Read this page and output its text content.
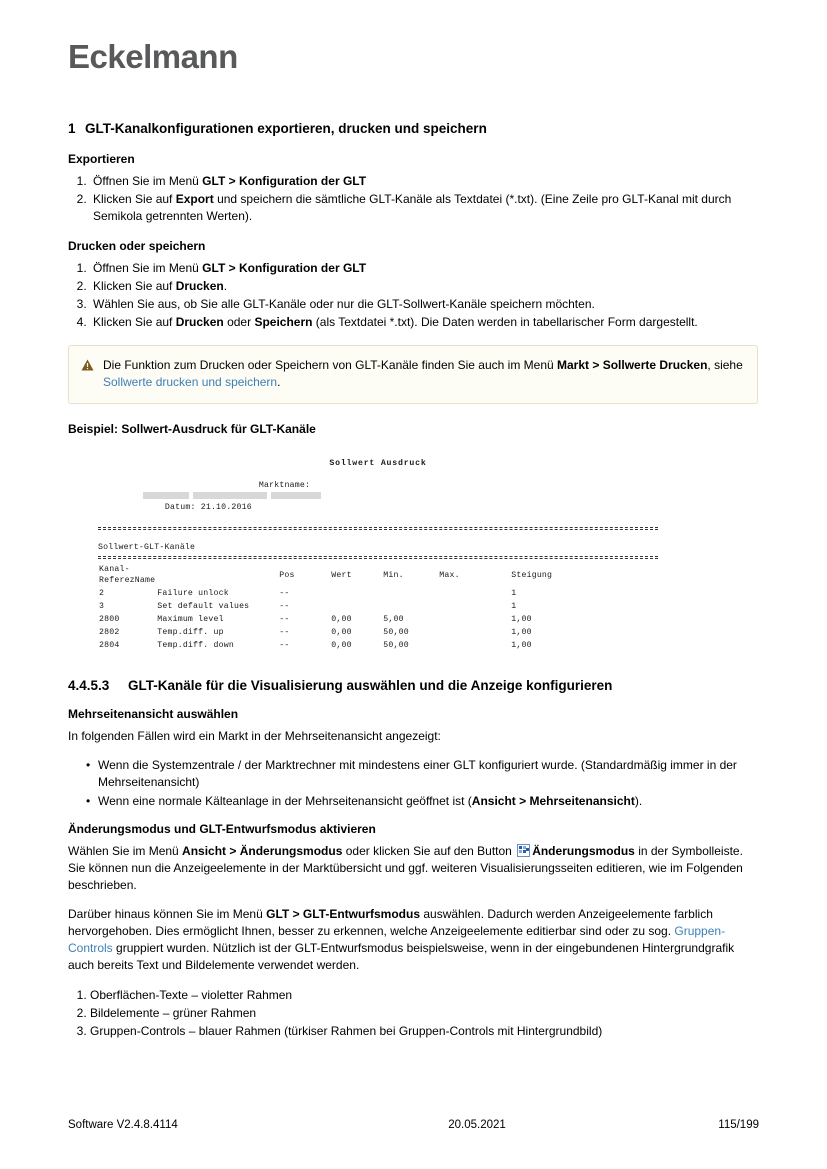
Eckelmann
1 GLT-Kanalkonfigurationen exportieren, drucken und speichern
Exportieren
1. Öffnen Sie im Menü GLT > Konfiguration der GLT
2. Klicken Sie auf Export und speichern die sämtliche GLT-Kanäle als Textdatei (*.txt). (Eine Zeile pro GLT-Kanal mit durch Semikola getrennten Werten).
Drucken oder speichern
1. Öffnen Sie im Menü GLT > Konfiguration der GLT
2. Klicken Sie auf Drucken.
3. Wählen Sie aus, ob Sie alle GLT-Kanäle oder nur die GLT-Sollwert-Kanäle speichern möchten.
4. Klicken Sie auf Drucken oder Speichern (als Textdatei *.txt). Die Daten werden in tabellarischer Form dargestellt.
Die Funktion zum Drucken oder Speichern von GLT-Kanäle finden Sie auch im Menü Markt > Sollwerte Drucken, siehe Sollwerte drucken und speichern.
Beispiel: Sollwert-Ausdruck für GLT-Kanäle
Sollwert Ausdruck

Marktname:

Datum: 21.10.2016

Sollwert-GLT-Kanäle
Kanal-ReferezName		Pos	Wert	Min.	Max.	Steigung
2	Failure unlock	--				1
3	Set default values	--				1
2800	Maximum level	--	0,00	5,00		1,00
2802	Temp.diff. up	--	0,00	50,00		1,00
2804	Temp.diff. down	--	0,00	50,00		1,00
4.4.5.3 GLT-Kanäle für die Visualisierung auswählen und die Anzeige konfigurieren
Mehrseitenansicht auswählen

In folgenden Fällen wird ein Markt in der Mehrseitenansicht angezeigt:

• Wenn die Systemzentrale / der Marktrechner mit mindestens einer GLT konfiguriert wurde. (Standardmäßig immer in der Mehrseitenansicht)
• Wenn eine normale Kälteanlage in der Mehrseitenansicht geöffnet ist (Ansicht > Mehrseitenansicht).
Änderungsmodus und GLT-Entwurfsmodus aktivieren

Wählen Sie im Menü Ansicht > Änderungsmodus oder klicken Sie auf den Button
Änderungsmodus in der Symbolleiste. Sie können nun die Anzeigeelemente in der Marktübersicht und ggf. weiteren Visualisierungsseiten editieren, wie im Folgenden beschrieben.

Darüber hinaus können Sie im Menü GLT > GLT-Entwurfsmodus auswählen. Dadurch werden Anzeigeelemente farblich hervorgehoben. Dies ermöglicht Ihnen, besser zu erkennen, welche Anzeigeelemente editierbar sind oder zu sog. Gruppen-Controls gruppiert wurden. Nützlich ist der GLT-Entwurfsmodus beispielsweise, wenn in der eingebundenen Hintergrundgrafik auch bereits Text und Bildelemente verwendet werden.

1. Oberflächen-Texte – violetter Rahmen
2. Bildelemente – grüner Rahmen
3. Gruppen-Controls – blauer Rahmen (türkiser Rahmen bei Gruppen-Controls mit Hintergrundbild)
Software V2.4.8.4114	20.05.2021	115/199
